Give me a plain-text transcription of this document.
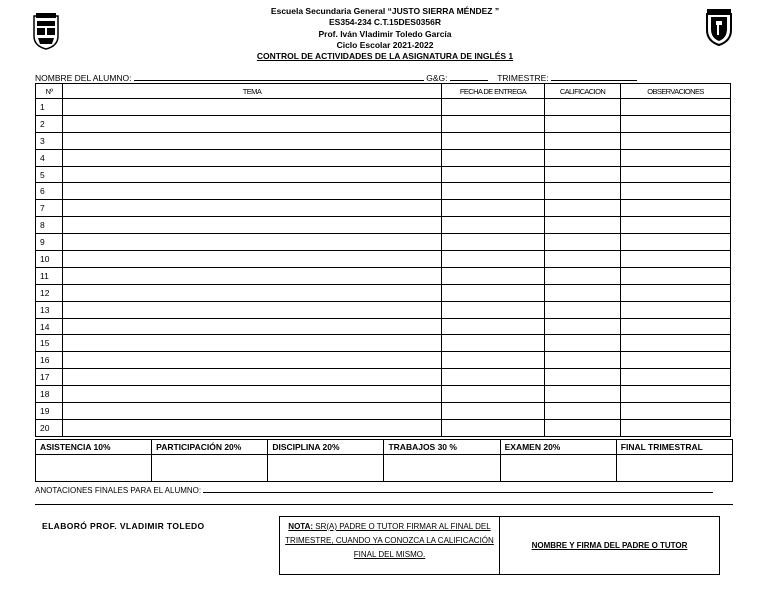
Escuela Secundaria General “JUSTO SIERRA MÉNDEZ ”
ES354-234 C.T.15DES0356R
Prof. Iván Vladimir Toledo García
Ciclo Escolar 2021-2022
CONTROL DE ACTIVIDADES DE LA ASIGNATURA DE INGLÉS 1
NOMBRE DEL ALUMNO:	G&G:	TRIMESTRE:
Nº	TEMA	FECHA DE ENTREGA	CALIFICACION	OBSERVACIONES
1				
2				
3				
4				
5				
6				
7				
8				
9				
10				
11				
12				
13				
14				
15				
16				
17				
18				
19				
20				
ASISTENCIA 10%	PARTICIPACIÓN 20%	DISCIPLINA 20%	TRABAJOS 30 %	EXAMEN 20%	FINAL TRIMESTRAL

ANOTACIONES FINALES PARA EL ALUMNO:
ELABORÓ PROF. VLADIMIR TOLEDO	NOTA: SR(A) PADRE O TUTOR FIRMAR AL FINAL DEL TRIMESTRE, CUANDO YA CONOZCA LA CALIFICACIÓN FINAL DEL MISMO.
NOMBRE Y FIRMA DEL PADRE O TUTOR
